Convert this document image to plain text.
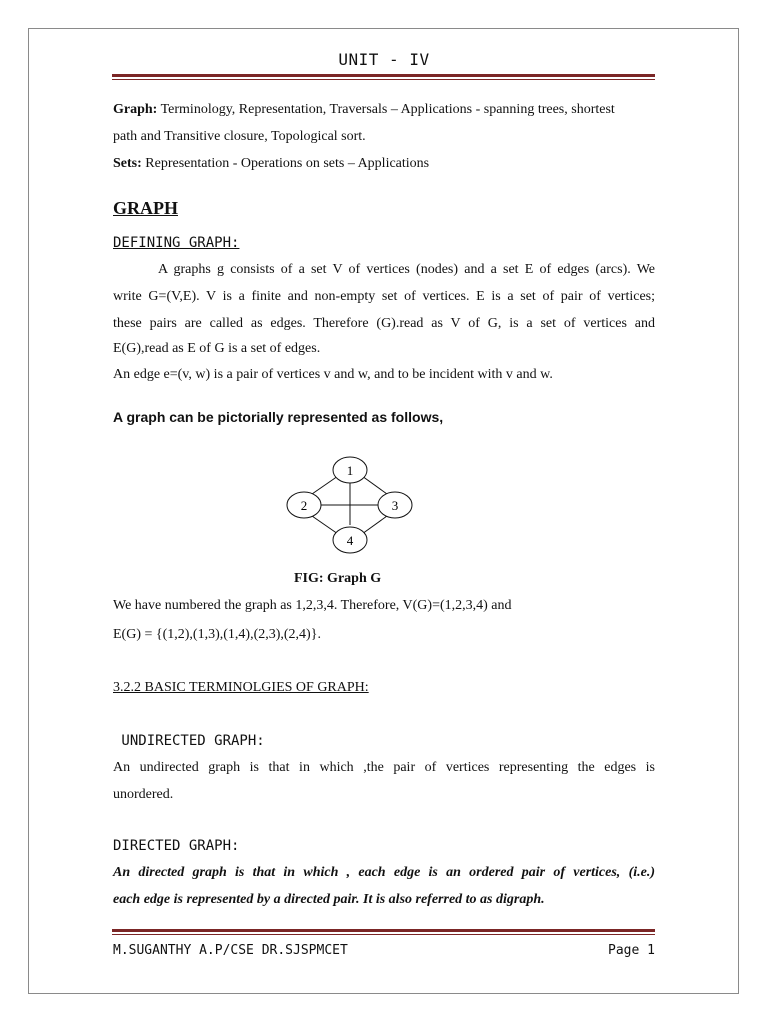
UNIT - IV
Graph: Terminology, Representation, Traversals – Applications - spanning trees, shortest
path and Transitive closure, Topological sort.
Sets: Representation - Operations on sets – Applications
GRAPH
DEFINING GRAPH:
A graphs g consists of a set V of vertices (nodes) and a set E of edges (arcs). We
write G=(V,E). V is a finite and non-empty set of vertices. E is a set of pair of vertices;
these pairs are called as edges. Therefore (G).read as V of G, is a set of vertices and
E(G),read as E of G is a set of edges.
An edge e=(v, w) is a pair of vertices v and w, and to be incident with v and w.
A graph can be pictorially represented as follows,
1
2	3
4
FIG: Graph G
We have numbered the graph as 1,2,3,4. Therefore, V(G)=(1,2,3,4) and
E(G) = {(1,2),(1,3),(1,4),(2,3),(2,4)}.
3.2.2 BASIC TERMINOLGIES OF GRAPH:
UNDIRECTED GRAPH:
An undirected graph is that in which ,the pair of vertices representing the edges is
unordered.
DIRECTED GRAPH:
An directed graph is that in which , each edge is an ordered pair of vertices, (i.e.)
each edge is represented by a directed pair. It is also referred to as digraph.
M.SUGANTHY A.P/CSE DR.SJSPMCET	Page 1
